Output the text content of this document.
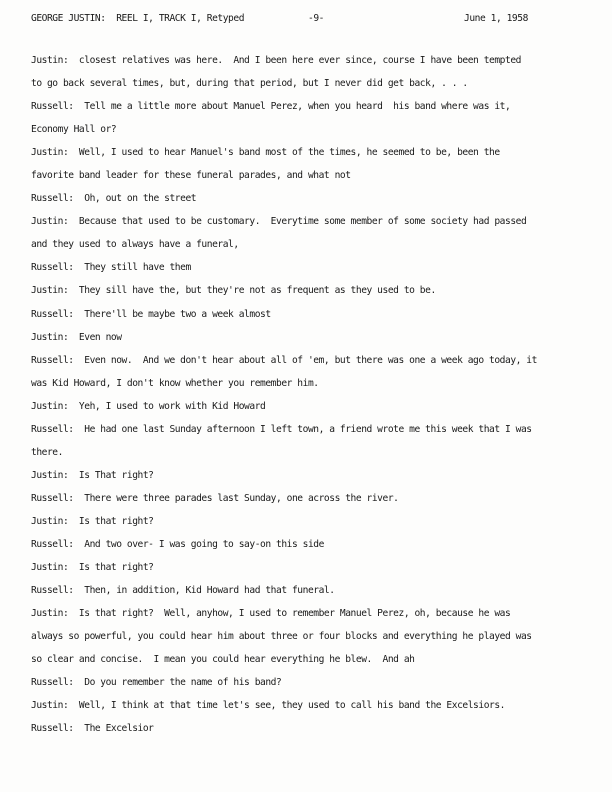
GEORGE JUSTIN:  REEL I, TRACK I, Retyped	-9-	June 1, 1958
Justin:  closest relatives was here.  And I been here ever since, course I have been tempted
to go back several times, but, during that period, but I never did get back, . . .
Russell:  Tell me a little more about Manuel Perez, when you heard  his band where was it,
Economy Hall or?
Justin:  Well, I used to hear Manuel's band most of the times, he seemed to be, been the
favorite band leader for these funeral parades, and what not
Russell:  Oh, out on the street
Justin:  Because that used to be customary.  Everytime some member of some society had passed
and they used to always have a funeral,
Russell:  They still have them
Justin:  They sill have the, but they're not as frequent as they used to be.
Russell:  There'll be maybe two a week almost
Justin:  Even now
Russell:  Even now.  And we don't hear about all of 'em, but there was one a week ago today, it
was Kid Howard, I don't know whether you remember him.
Justin:  Yeh, I used to work with Kid Howard
Russell:  He had one last Sunday afternoon I left town, a friend wrote me this week that I was
there.
Justin:  Is That right?
Russell:  There were three parades last Sunday, one across the river.
Justin:  Is that right?
Russell:  And two over- I was going to say-on this side
Justin:  Is that right?
Russell:  Then, in addition, Kid Howard had that funeral.
Justin:  Is that right?  Well, anyhow, I used to remember Manuel Perez, oh, because he was
always so powerful, you could hear him about three or four blocks and everything he played was
so clear and concise.  I mean you could hear everything he blew.  And ah
Russell:  Do you remember the name of his band?
Justin:  Well, I think at that time let's see, they used to call his band the Excelsiors.
Russell:  The Excelsior
